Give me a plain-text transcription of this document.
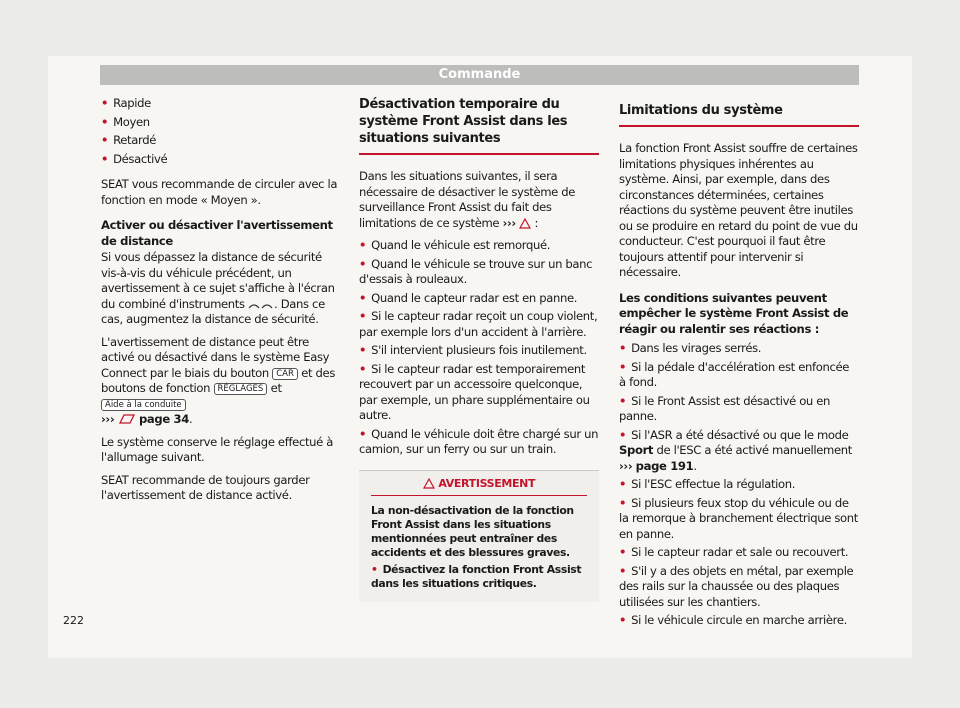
Commande
• Rapide
• Moyen
• Retardé
• Désactivé

SEAT vous recommande de circuler avec la fonction en mode « Moyen ».

Activer ou désactiver l'avertissement de distance

Si vous dépassez la distance de sécurité vis-à-vis du véhicule précédent, un avertissement à ce sujet s'affiche à l'écran du combiné d'instruments	. Dans ce cas, augmentez la distance de sécurité.

L'avertissement de distance peut être activé ou désactivé dans le système Easy Connect par le biais du bouton CAR et des boutons de fonction RÉGLAGES et Aide à la conduite
››› page 34.

Le système conserve le réglage effectué à l'allumage suivant.

SEAT recommande de toujours garder l'avertissement de distance activé.

Désactivation temporaire du système Front Assist dans les situations suivantes

Dans les situations suivantes, il sera nécessaire de désactiver le système de surveillance Front Assist du fait des limitations de ce système ›››  :

• Quand le véhicule est remorqué.
• Quand le véhicule se trouve sur un banc d'essais à rouleaux.
• Quand le capteur radar est en panne.
• Si le capteur radar reçoit un coup violent, par exemple lors d'un accident à l'arrière.
• S'il intervient plusieurs fois inutilement.
• Si le capteur radar est temporairement recouvert par un accessoire quelconque, par exemple, un phare supplémentaire ou autre.
• Quand le véhicule doit être chargé sur un camion, sur un ferry ou sur un train.
AVERTISSEMENT

La non-désactivation de la fonction Front Assist dans les situations mentionnées peut entraîner des accidents et des blessures graves.

• Désactivez la fonction Front Assist dans les situations critiques.
Limitations du système

La fonction Front Assist souffre de certaines limitations physiques inhérentes au système. Ainsi, par exemple, dans des circonstances déterminées, certaines réactions du système peuvent être inutiles ou se produire en retard du point de vue du conducteur. C'est pourquoi il faut être toujours attentif pour intervenir si nécessaire.

Les conditions suivantes peuvent empêcher le système Front Assist de réagir ou ralentir ses réactions :

• Dans les virages serrés.
• Si la pédale d'accélération est enfoncée à fond.
• Si le Front Assist est désactivé ou en panne.
• Si l'ASR a été désactivé ou que le mode Sport de l'ESC a été activé manuellement
››› page 191.
• Si l'ESC effectue la régulation.
• Si plusieurs feux stop du véhicule ou de la remorque à branchement électrique sont en panne.
• Si le capteur radar et sale ou recouvert.
• S'il y a des objets en métal, par exemple des rails sur la chaussée ou des plaques utilisées sur les chantiers.
• Si le véhicule circule en marche arrière.
222
